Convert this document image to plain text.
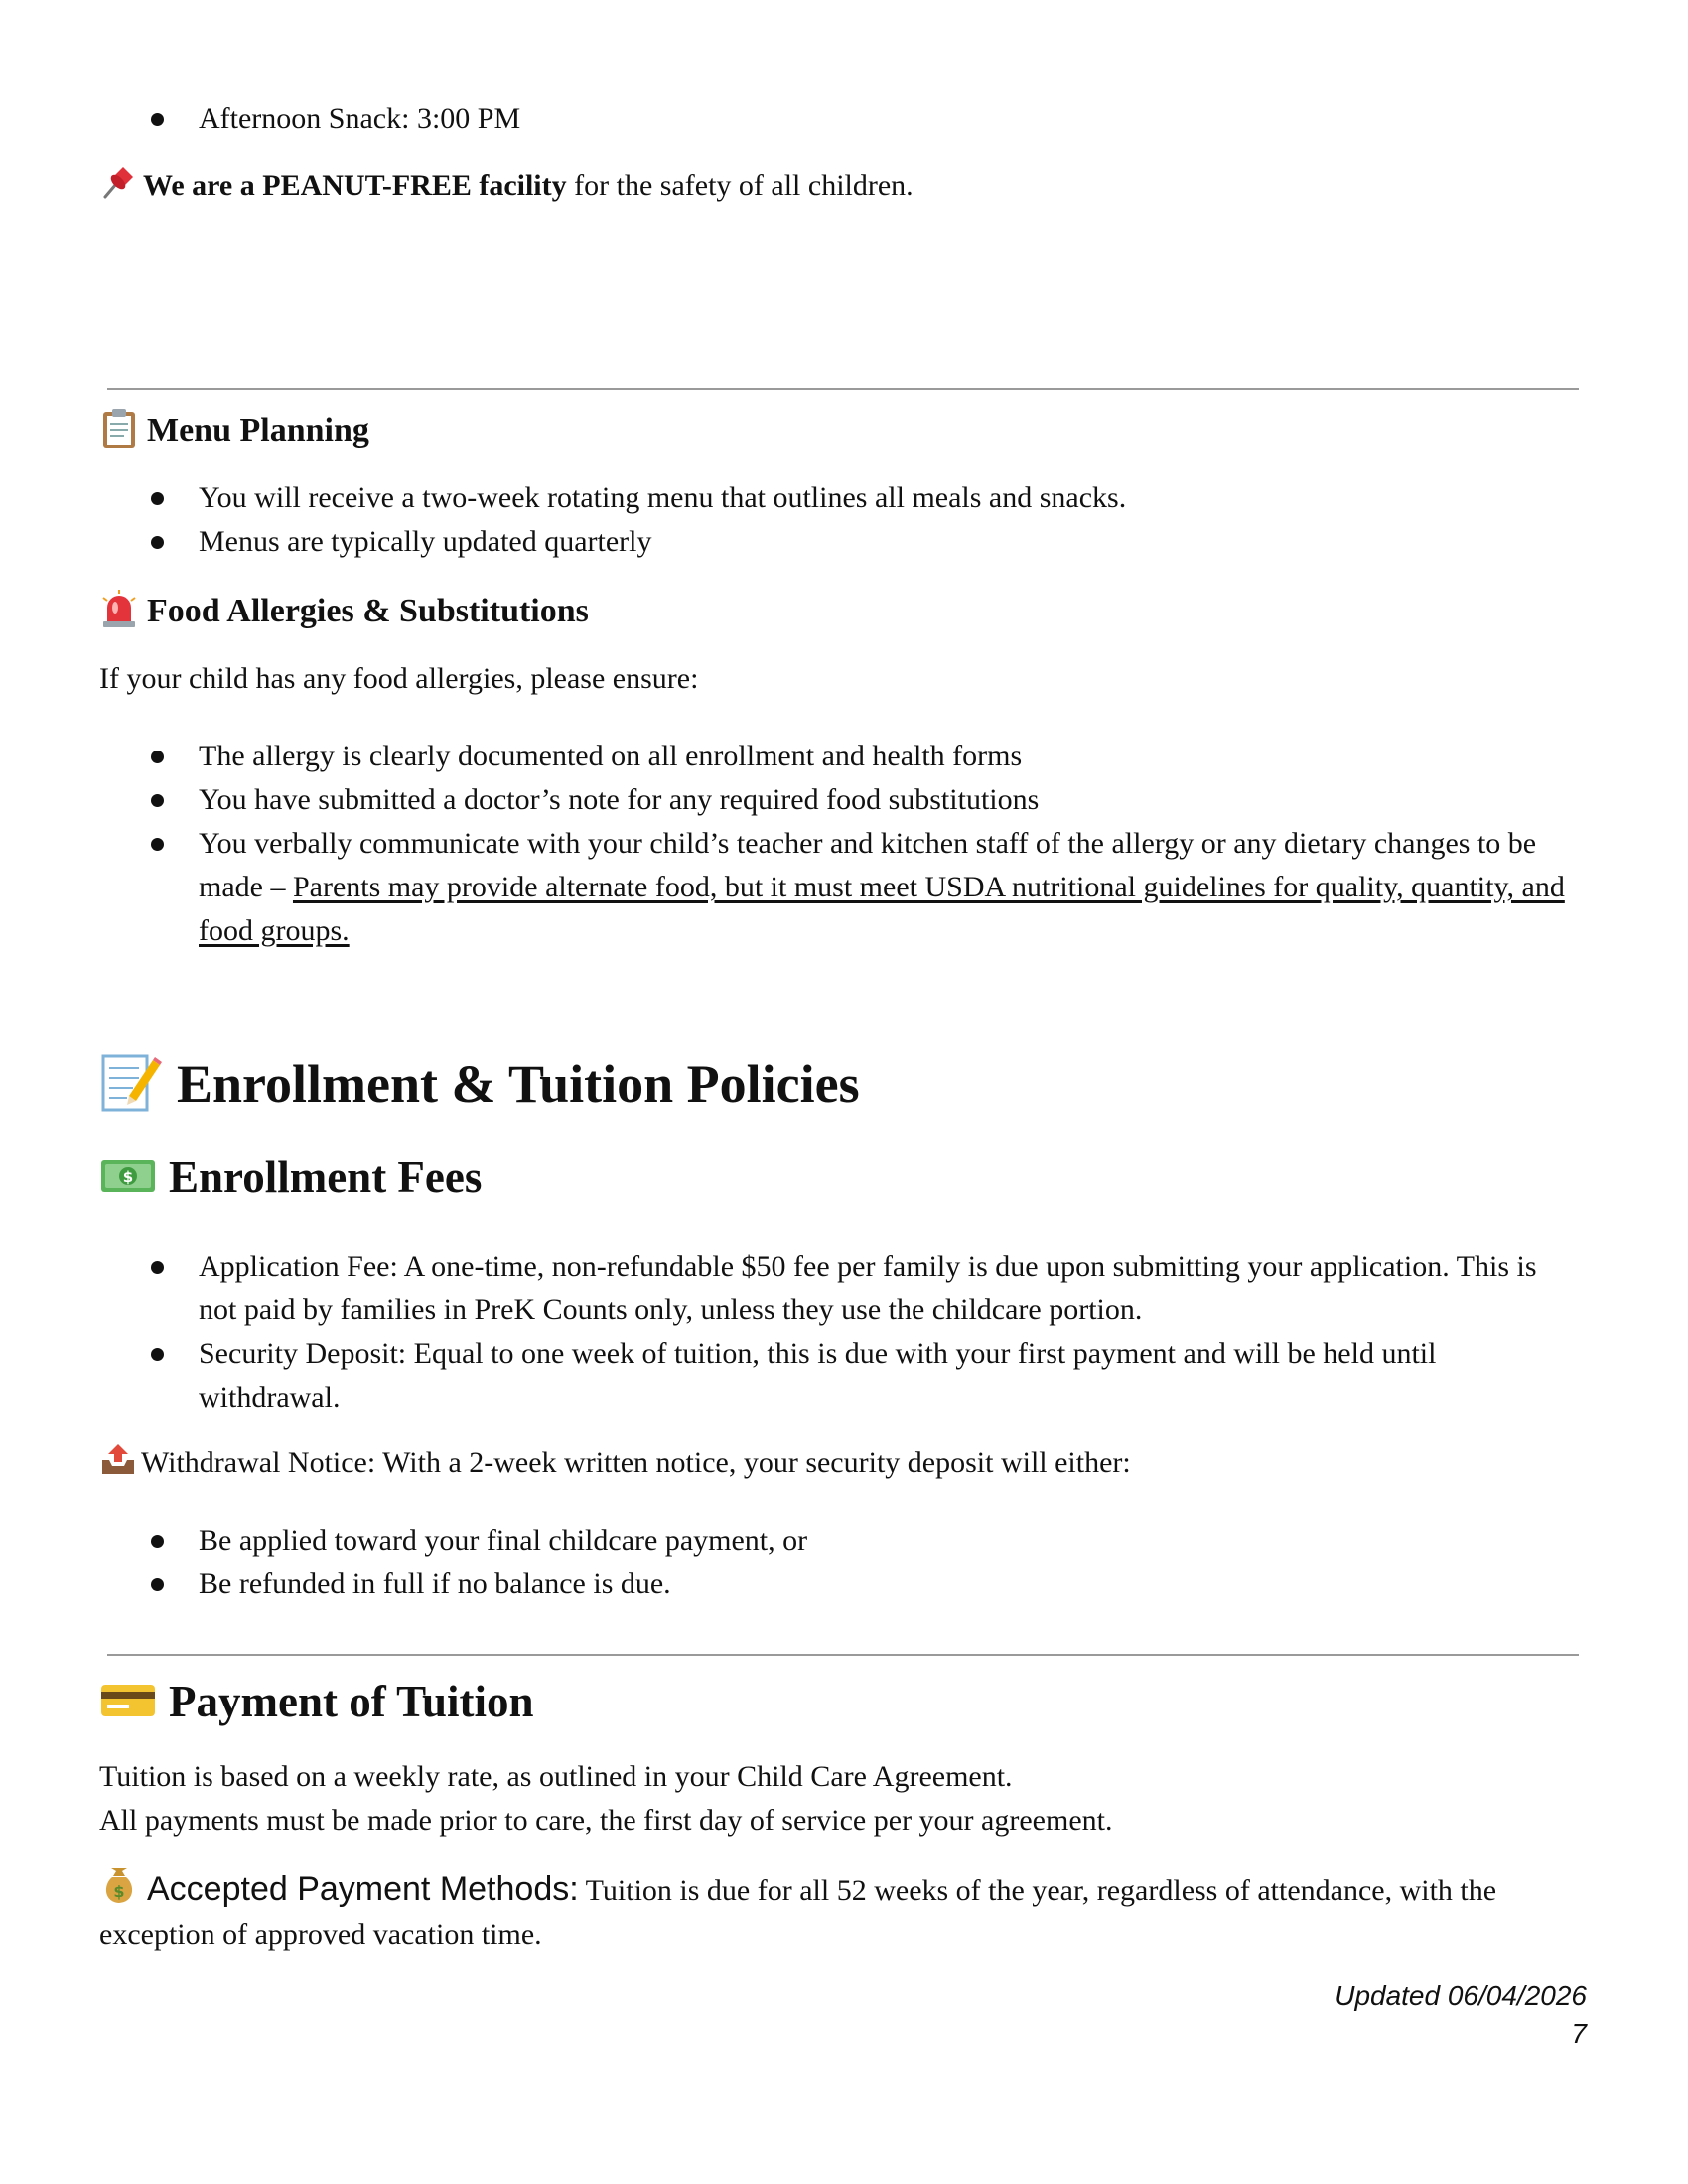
Afternoon Snack: 3:00 PM
We are a PEANUT-FREE facility for the safety of all children.
Menu Planning
You will receive a two-week rotating menu that outlines all meals and snacks.
Menus are typically updated quarterly
Food Allergies & Substitutions
If your child has any food allergies, please ensure:
The allergy is clearly documented on all enrollment and health forms
You have submitted a doctor’s note for any required food substitutions
You verbally communicate with your child’s teacher and kitchen staff of the allergy or any dietary changes to be made – Parents may provide alternate food, but it must meet USDA nutritional guidelines for quality, quantity, and food groups.
Enrollment & Tuition Policies
$ Enrollment Fees
Application Fee: A one-time, non-refundable $50 fee per family is due upon submitting your application. This is not paid by families in PreK Counts only, unless they use the childcare portion.
Security Deposit: Equal to one week of tuition, this is due with your first payment and will be held until withdrawal.
Withdrawal Notice: With a 2-week written notice, your security deposit will either:
Be applied toward your final childcare payment, or
Be refunded in full if no balance is due.
Payment of Tuition
Tuition is based on a weekly rate, as outlined in your Child Care Agreement.
All payments must be made prior to care, the first day of service per your agreement.
$ Accepted Payment Methods: Tuition is due for all 52 weeks of the year, regardless of attendance, with the exception of approved vacation time.
Updated 06/04/2026
7
